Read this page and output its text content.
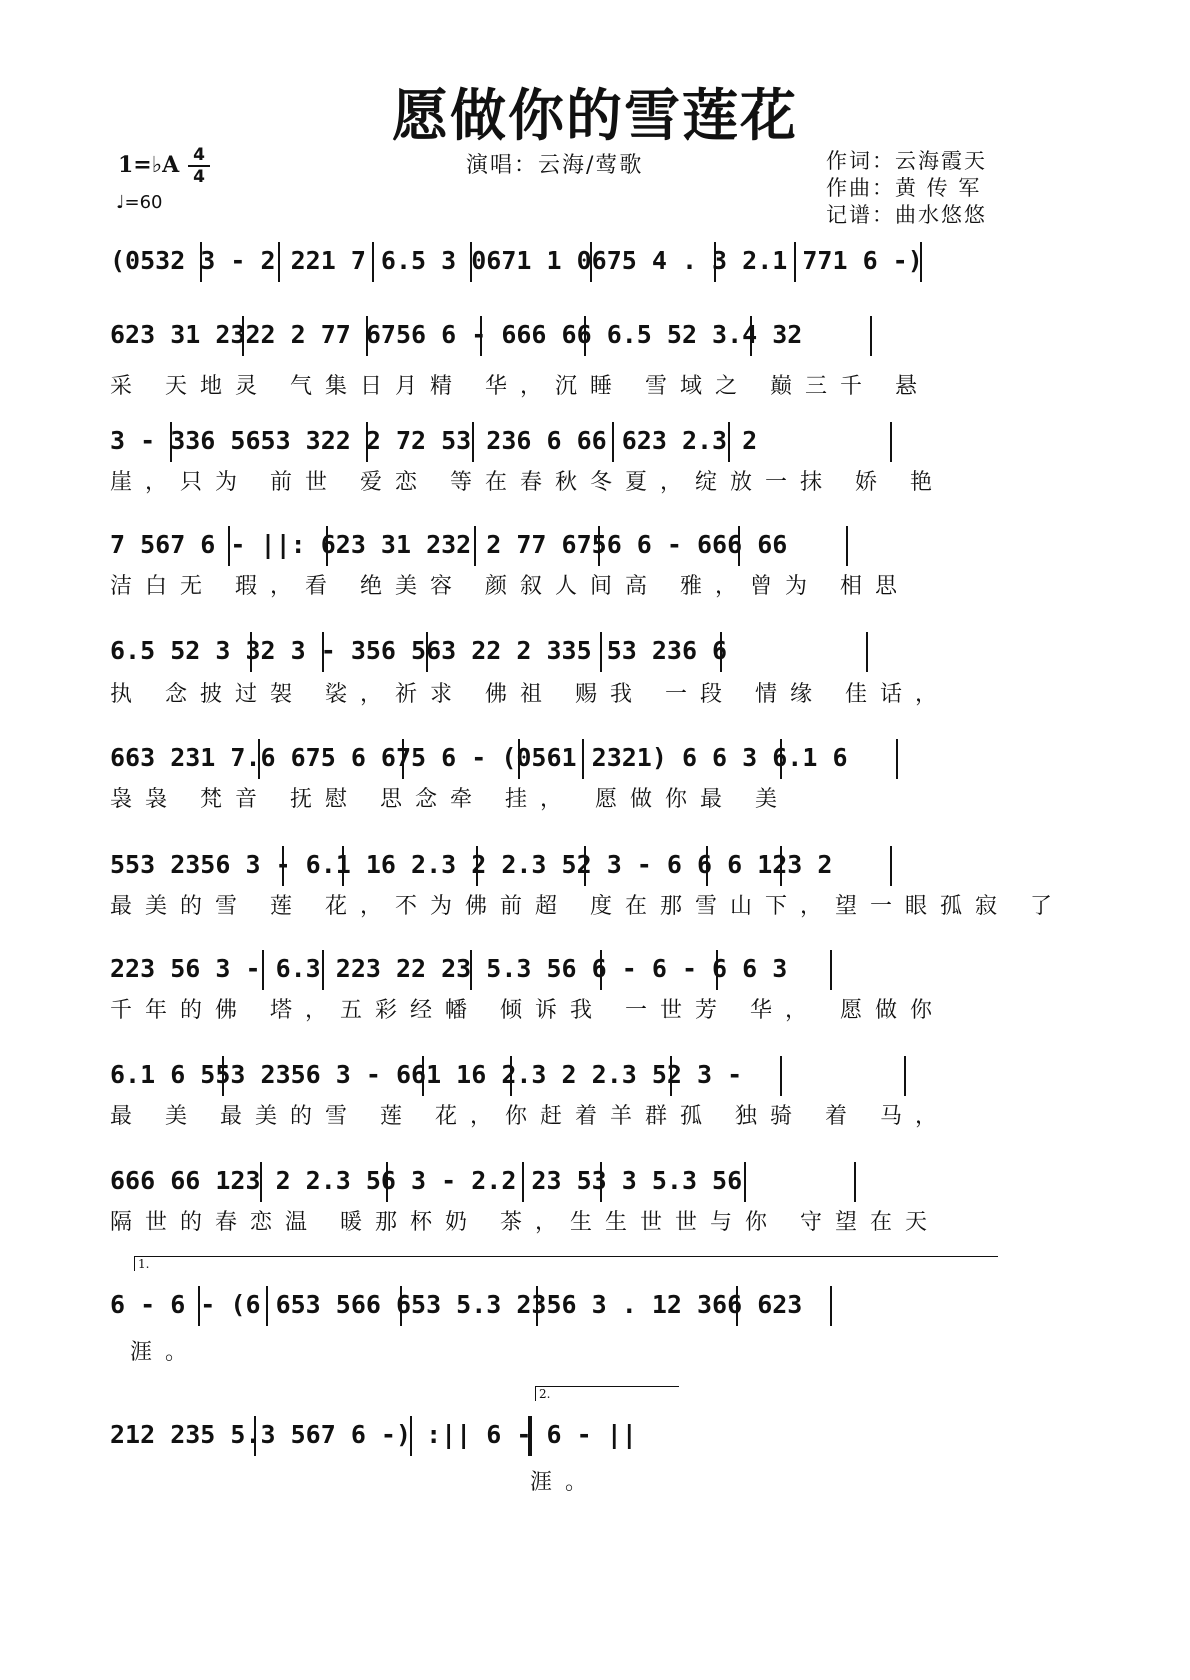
愿做你的雪莲花
1=♭A 4
4
♩=60
演唱：云海/莺歌	作词：云海霞天
作曲：黄 传 军
记谱：曲水悠悠
(0532 3 - 2 221 7 6.5 3 0671 1 0675 4 . 3 2.1 771 6 -)
623 31 2322 2 77 6756 6 - 666 66 6.5 52 3.4 32
采 天地灵 气集日月精 华，沉睡 雪域之 巅三千 悬
3 - 336 5653 322 2 72 53 236 6 66 623 2.3 2
崖，只为 前世 爱恋 等在春秋冬夏，绽放一抹 娇 艳
7 567 6 - ||: 623 31 232 2 77 6756 6 - 666 66
洁白无 瑕，看 绝美容 颜叙人间高 雅，曾为 相思
6.5 52 3 32 3 - 356 563 22 2 335 53 236 6
执 念披过袈 裟，祈求 佛祖 赐我 一段 情缘 佳话，
663 231 7.6 675 6 675 6 - (0561 2321) 6 6 3 6.1 6
袅袅 梵音 抚慰 思念牵 挂， 愿做你最 美
553 2356 3 - 6.1 16 2.3 2 2.3 52 3 - 6 6 6 123 2
最美的雪 莲 花，不为佛前超 度在那雪山下，望一眼孤寂 了
223 56 3 - 6.3 223 22 23 5.3 56 6 - 6 - 6 6 3
千年的佛 塔，五彩经幡 倾诉我 一世芳 华， 愿做你
6.1 6 553 2356 3 - 661 16 2.3 2 2.3 52 3 -
最 美 最美的雪 莲 花，你赶着羊群孤 独骑 着 马，
666 66 123 2 2.3 56 3 - 2.2 23 53 3 5.3 56
隔世的春恋温 暖那杯奶 茶，生生世世与你 守望在天
1.
6 - 6 - (6 653 566 653 5.3 2356 3 . 12 366 623
涯。
2.
212 235 5.3 567 6 -) :|| 6 - 6 - ||
涯。
